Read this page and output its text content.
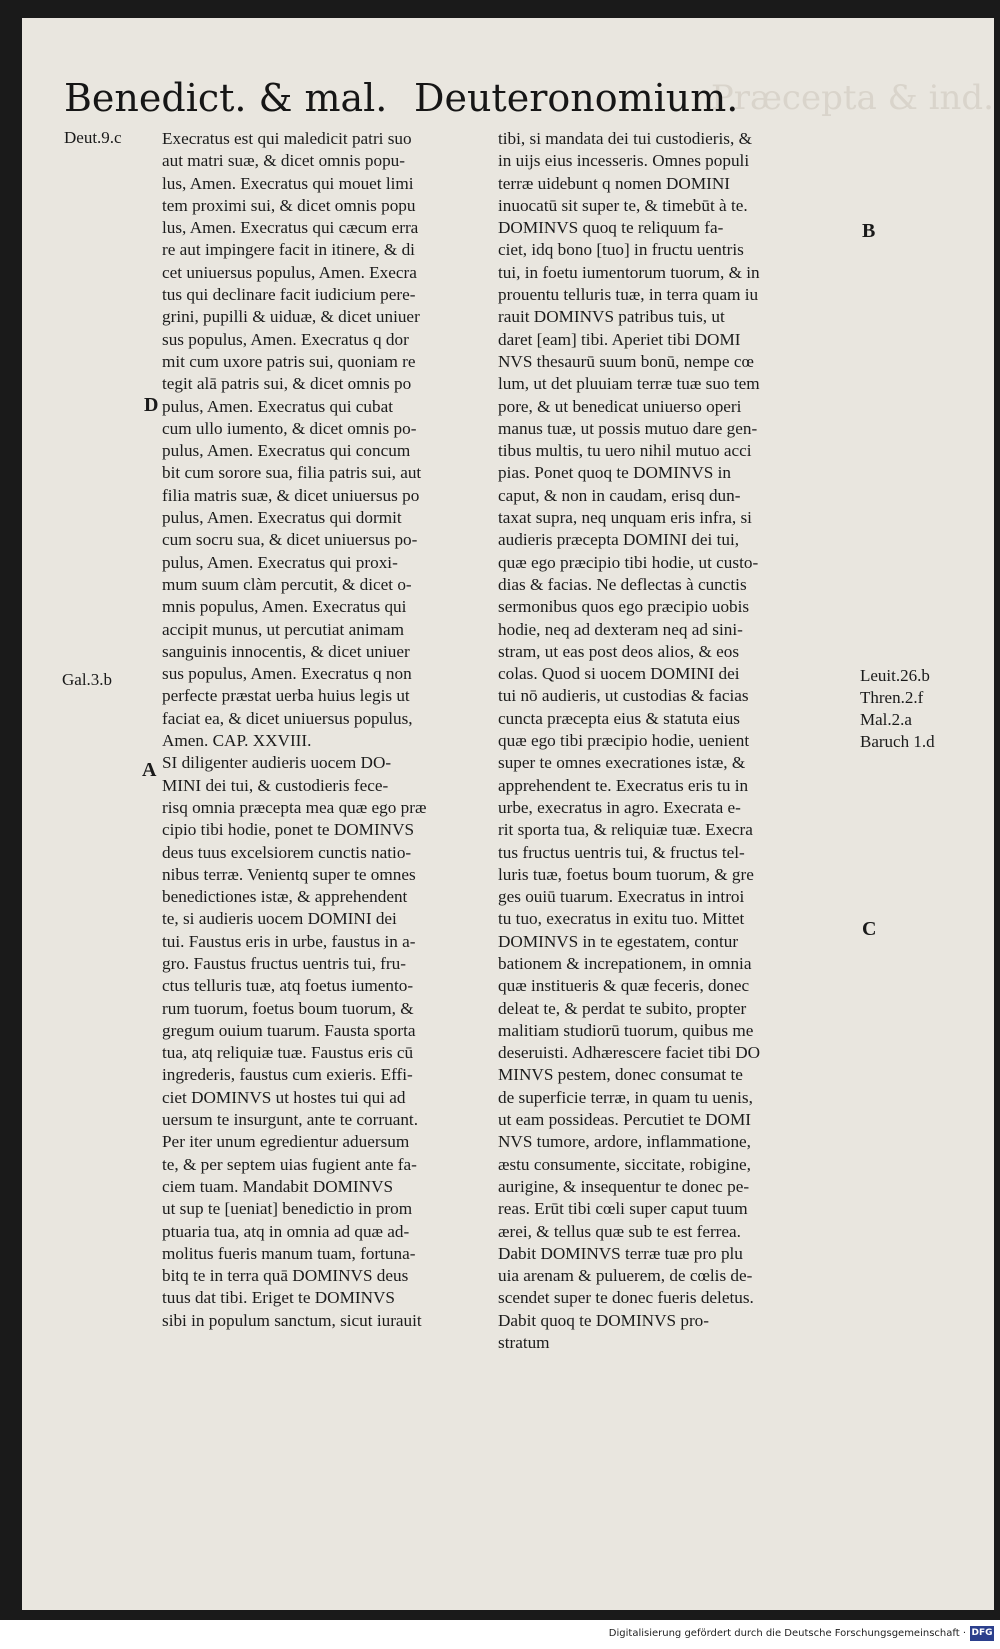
Præcepta & ind.
Benedict. & mal. Deuteronomium.
Deut.9.c
Gal.3.b
D
A
B
C
Leuit.26.b
Thren.2.f
Mal.2.a
Baruch 1.d
Execratus est qui maledicit patri suo
aut matri suæ, & dicet omnis popu-
lus, Amen. Execratus qui mouet limi
tem proximi sui, & dicet omnis popu
lus, Amen. Execratus qui cæcum erra
re aut impingere facit in itinere, & di
cet uniuersus populus, Amen. Execra
tus qui declinare facit iudicium pere-
grini, pupilli & uiduæ, & dicet uniuer
sus populus, Amen. Execratus q dor
mit cum uxore patris sui, quoniam re
tegit alā patris sui, & dicet omnis po
pulus, Amen. Execratus qui cubat
cum ullo iumento, & dicet omnis po-
pulus, Amen. Execratus qui concum
bit cum sorore sua, filia patris sui, aut
filia matris suæ, & dicet uniuersus po
pulus, Amen. Execratus qui dormit
cum socru sua, & dicet uniuersus po-
pulus, Amen. Execratus qui proxi-
mum suum clàm percutit, & dicet o-
mnis populus, Amen. Execratus qui
accipit munus, ut percutiat animam
sanguinis innocentis, & dicet uniuer
sus populus, Amen. Execratus q non
perfecte præstat uerba huius legis ut
faciat ea, & dicet uniuersus populus,
Amen. CAP. XXVIII.
SI diligenter audieris uocem DO-
MINI dei tui, & custodieris fece-
risq omnia præcepta mea quæ ego præ
cipio tibi hodie, ponet te DOMINVS
deus tuus excelsiorem cunctis natio-
nibus terræ. Venientq super te omnes
benedictiones istæ, & apprehendent
te, si audieris uocem DOMINI dei
tui. Faustus eris in urbe, faustus in a-
gro. Faustus fructus uentris tui, fru-
ctus telluris tuæ, atq foetus iumento-
rum tuorum, foetus boum tuorum, &
gregum ouium tuarum. Fausta sporta
tua, atq reliquiæ tuæ. Faustus eris cū
ingrederis, faustus cum exieris. Effi-
ciet DOMINVS ut hostes tui qui ad
uersum te insurgunt, ante te corruant.
Per iter unum egredientur aduersum
te, & per septem uias fugient ante fa-
ciem tuam. Mandabit DOMINVS
ut sup te [ueniat] benedictio in prom
ptuaria tua, atq in omnia ad quæ ad-
molitus fueris manum tuam, fortuna-
bitq te in terra quā DOMINVS deus
tuus dat tibi. Eriget te DOMINVS
sibi in populum sanctum, sicut iurauit
tibi, si mandata dei tui custodieris, &
in uijs eius incesseris. Omnes populi
terræ uidebunt q nomen DOMINI
inuocatū sit super te, & timebūt à te.
DOMINVS quoq te reliquum fa-
ciet, idq bono [tuo] in fructu uentris
tui, in foetu iumentorum tuorum, & in
prouentu telluris tuæ, in terra quam iu
rauit DOMINVS patribus tuis, ut
daret [eam] tibi. Aperiet tibi DOMI
NVS thesaurū suum bonū, nempe cœ
lum, ut det pluuiam terræ tuæ suo tem
pore, & ut benedicat uniuerso operi
manus tuæ, ut possis mutuo dare gen-
tibus multis, tu uero nihil mutuo acci
pias. Ponet quoq te DOMINVS in
caput, & non in caudam, erisq dun-
taxat supra, neq unquam eris infra, si
audieris præcepta DOMINI dei tui,
quæ ego præcipio tibi hodie, ut custo-
dias & facias. Ne deflectas à cunctis
sermonibus quos ego præcipio uobis
hodie, neq ad dexteram neq ad sini-
stram, ut eas post deos alios, & eos
colas. Quod si uocem DOMINI dei
tui nō audieris, ut custodias & facias
cuncta præcepta eius & statuta eius
quæ ego tibi præcipio hodie, uenient
super te omnes execrationes istæ, &
apprehendent te. Execratus eris tu in
urbe, execratus in agro. Execrata e-
rit sporta tua, & reliquiæ tuæ. Execra
tus fructus uentris tui, & fructus tel-
luris tuæ, foetus boum tuorum, & gre
ges ouiū tuarum. Execratus in introi
tu tuo, execratus in exitu tuo. Mittet
DOMINVS in te egestatem, contur
bationem & increpationem, in omnia
quæ institueris & quæ feceris, donec
deleat te, & perdat te subito, propter
malitiam studiorū tuorum, quibus me
deseruisti. Adhærescere faciet tibi DO
MINVS pestem, donec consumat te
de superficie terræ, in quam tu uenis,
ut eam possideas. Percutiet te DOMI
NVS tumore, ardore, inflammatione,
æstu consumente, siccitate, robigine,
aurigine, & insequentur te donec pe-
reas. Erūt tibi cœli super caput tuum
ærei, & tellus quæ sub te est ferrea.
Dabit DOMINVS terræ tuæ pro plu
uia arenam & puluerem, de cœlis de-
scendet super te donec fueris deletus.
Dabit quoq te DOMINVS pro-
stratum
Digitalisierung gefördert durch die Deutsche Forschungsgemeinschaft · DFG
